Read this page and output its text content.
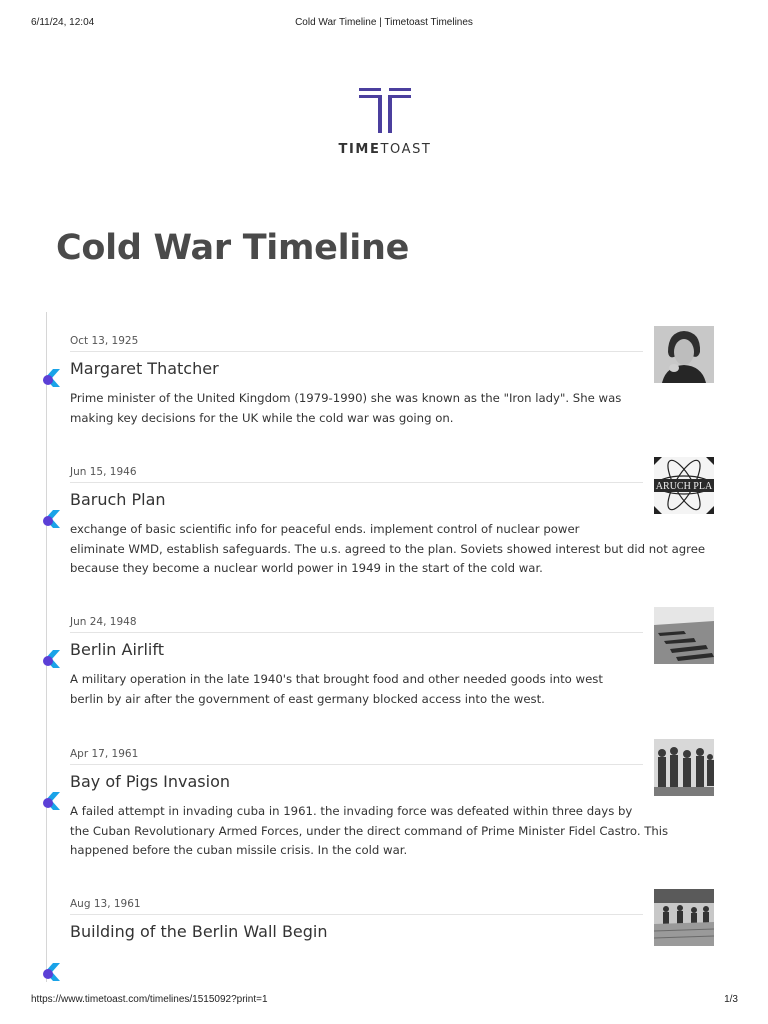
6/11/24, 12:04	Cold War Timeline | Timetoast Timelines
TIMETOAST
Cold War Timeline
Oct 13, 1925
Margaret Thatcher

Prime minister of the United Kingdom (1979-1990) she was known as the "Iron lady". She was
making key decisions for the UK while the cold war was going on.

Jun 15, 1946
Baruch Plan

exchange of basic scientific info for peaceful ends. implement control of nuclear power
eliminate WMD, establish safeguards. The u.s. agreed to the plan. Soviets showed interest but did not agree
because they become a nuclear world power in 1949 in the start of the cold war.

ARUCH PLA
Jun 24, 1948
Berlin Airlift

A military operation in the late 1940's that brought food and other needed goods into west
berlin by air after the government of east germany blocked access into the west.

Apr 17, 1961
Bay of Pigs Invasion

A failed attempt in invading cuba in 1961. the invading force was defeated within three days by
the Cuban Revolutionary Armed Forces, under the direct command of Prime Minister Fidel Castro. This
happened before the cuban missile crisis. In the cold war.

Aug 13, 1961
Building of the Berlin Wall Begin
https://www.timetoast.com/timelines/1515092?print=1	1/3
